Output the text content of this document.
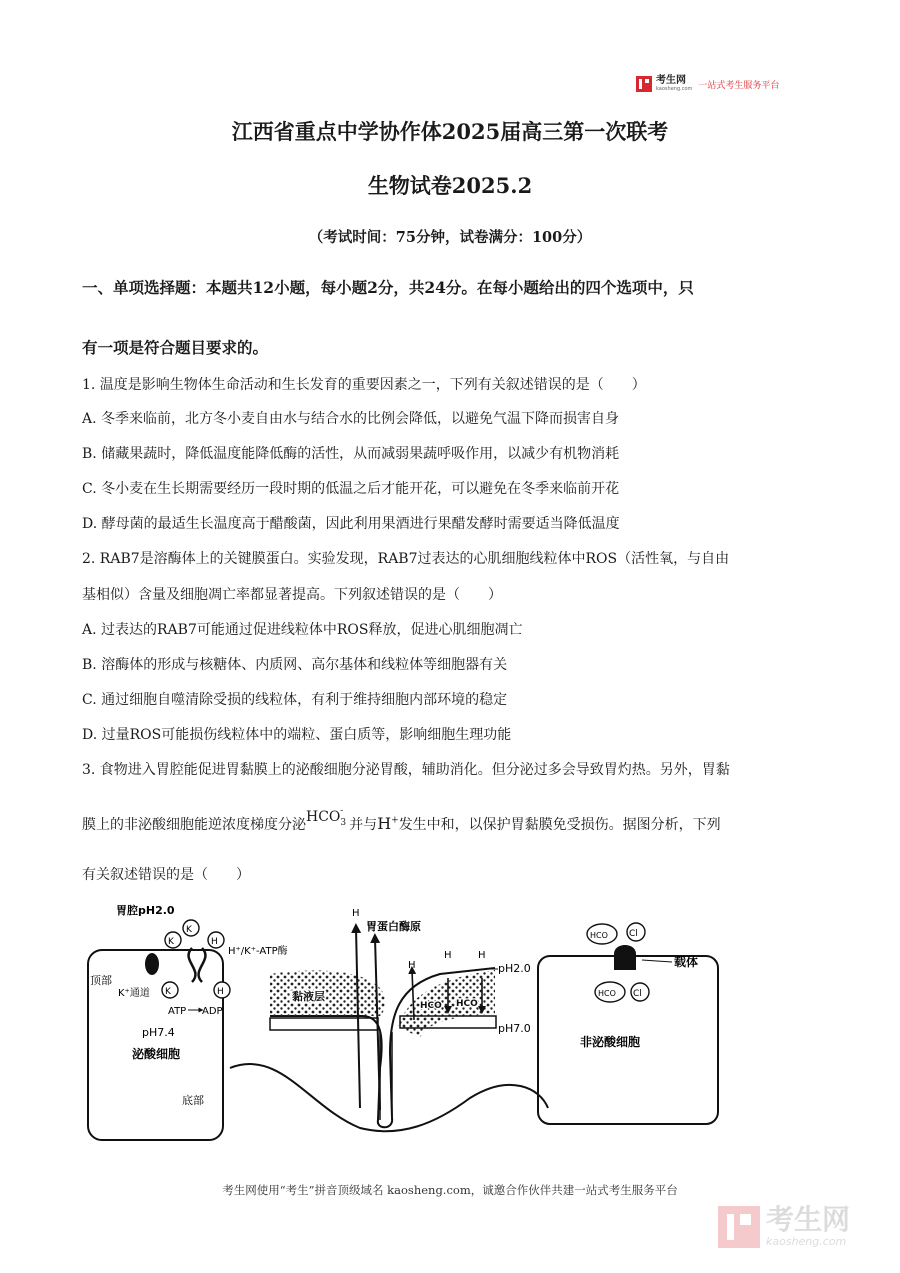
考生网
kaosheng.com 一站式考生服务平台
江西省重点中学协作体2025届高三第一次联考
生物试卷2025.2
（考试时间：75分钟，试卷满分：100分）
一、单项选择题：本题共12小题，每小题2分，共24分。在每小题给出的四个选项中，只
有一项是符合题目要求的。
1. 温度是影响生物体生命活动和生长发育的重要因素之一，下列有关叙述错误的是（　　）
A. 冬季来临前，北方冬小麦自由水与结合水的比例会降低，以避免气温下降而损害自身
B. 储藏果蔬时，降低温度能降低酶的活性，从而减弱果蔬呼吸作用，以减少有机物消耗
C. 冬小麦在生长期需要经历一段时期的低温之后才能开花，可以避免在冬季来临前开花
D. 酵母菌的最适生长温度高于醋酸菌，因此利用果酒进行果醋发酵时需要适当降低温度
2. RAB7是溶酶体上的关键膜蛋白。实验发现，RAB7过表达的心肌细胞线粒体中ROS（活性氧，与自由
基相似）含量及细胞凋亡率都显著提高。下列叙述错误的是（　　）
A. 过表达的RAB7可能通过促进线粒体中ROS释放，促进心肌细胞凋亡
B. 溶酶体的形成与核糖体、内质网、高尔基体和线粒体等细胞器有关
C. 通过细胞自噬清除受损的线粒体，有利于维持细胞内部环境的稳定
D. 过量ROS可能损伤线粒体中的端粒、蛋白质等，影响细胞生理功能
3. 食物进入胃腔能促进胃黏膜上的泌酸细胞分泌胃酸，辅助消化。但分泌过多会导致胃灼热。另外，胃黏
膜上的非泌酸细胞能逆浓度梯度分泌$HCO_3^-$并与H+发生中和，以保护胃黏膜免受损伤。据图分析，下列
有关叙述错误的是（　　）
胃腔pH2.0
K
K
H
H
K
H⁺/K⁺-ATP酶
顶部
K⁺通道
ATP ADP
pH7.4
泌酸细胞
底部
黏液层
H
胃蛋白酶原
H
H	H
HCO HCO
pH2.0
pH7.0
HCO Cl
载体
HCO Cl
非泌酸细胞
考生网使用“考生”拼音顶级域名 kaosheng.com，诚邀合作伙伴共建一站式考生服务平台
考生网
kaosheng.com
